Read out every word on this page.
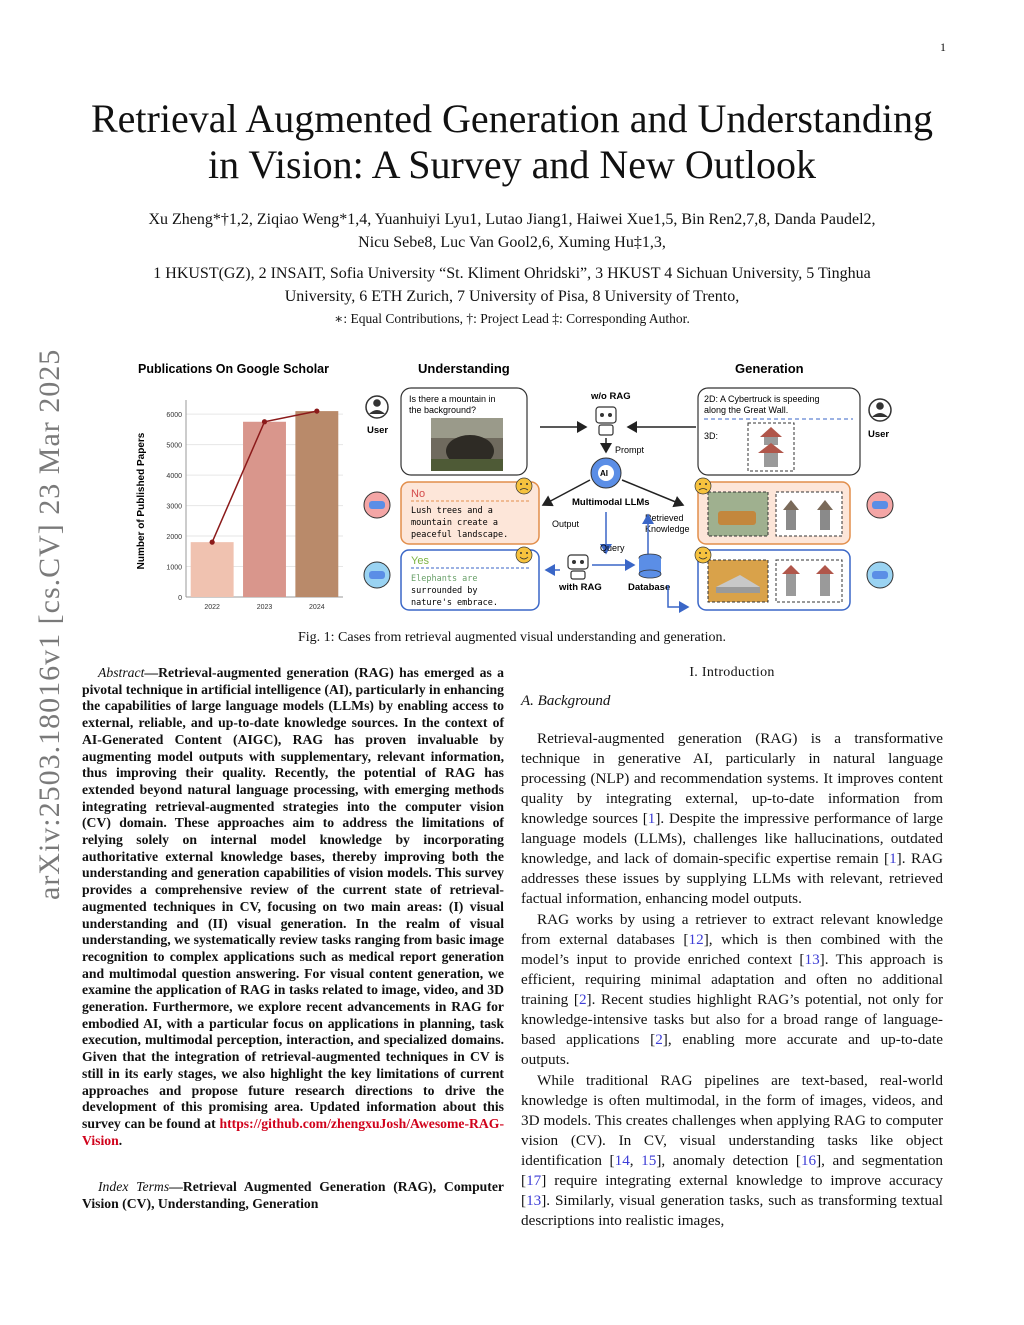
1
arXiv:2503.18016v1 [cs.CV] 23 Mar 2025
Retrieval Augmented Generation and Understanding
in Vision: A Survey and New Outlook
Xu Zheng*†1,2, Ziqiao Weng*1,4, Yuanhuiyi Lyu1, Lutao Jiang1, Haiwei Xue1,5, Bin Ren2,7,8, Danda Paudel2,
Nicu Sebe8, Luc Van Gool2,6, Xuming Hu‡1,3,
1 HKUST(GZ), 2 INSAIT, Sofia University “St. Kliment Ohridski”, 3 HKUST 4 Sichuan University, 5 Tinghua
University, 6 ETH Zurich, 7 University of Pisa, 8 University of Trento,
∗: Equal Contributions, †: Project Lead ‡: Corresponding Author.
Publications On Google Scholar
0
1000
2000
3000
4000
5000
6000
Number of Published Papers
2022	2023	2024
Understanding	Generation
User
Is there a mountain in
the background?
No
Lush trees and a
mountain create a
peaceful landscape.
Yes
Elephants are
surrounded by
nature's embrace.
w/o RAG
Prompt
AI
Multimodal LLMs
Output
Retrieved
Knowledge
Query
with RAG	Database
2D: A Cybertruck is speeding
along the Great Wall.
3D:	User
Fig. 1: Cases from retrieval augmented visual understanding and generation.

Abstract—Retrieval-augmented generation (RAG) has emerged as a pivotal technique in artificial intelligence (AI), particularly in enhancing the capabilities of large language models (LLMs) by enabling access to external, reliable, and up-to-date knowledge sources. In the context of AI-Generated Content (AIGC), RAG has proven invaluable by augmenting model outputs with supplementary, relevant information, thus improving their quality. Recently, the potential of RAG has extended beyond natural language processing, with emerging methods integrating retrieval-augmented strategies into the computer vision (CV) domain. These approaches aim to address the limitations of relying solely on internal model knowledge by incorporating authoritative external knowledge bases, thereby improving both the understanding and generation capabilities of vision models. This survey provides a comprehensive review of the current state of retrieval-augmented techniques in CV, focusing on two main areas: (I) visual understanding and (II) visual generation. In the realm of visual understanding, we systematically review tasks ranging from basic image recognition to complex applications such as medical report generation and multimodal question answering. For visual content generation, we examine the application of RAG in tasks related to image, video, and 3D generation. Furthermore, we explore recent advancements in RAG for embodied AI, with a particular focus on applications in planning, task execution, multimodal perception, interaction, and specialized domains. Given that the integration of retrieval-augmented techniques in CV is still in its early stages, we also highlight the key limitations of current approaches and propose future research directions to drive the development of this promising area. Updated information about this survey can be found at https://github.com/zhengxuJosh/Awesome-RAG-Vision.

Index Terms—Retrieval Augmented Generation (RAG), Computer Vision (CV), Understanding, Generation

I. Introduction
A. Background

Retrieval-augmented generation (RAG) is a transformative technique in generative AI, particularly in natural language processing (NLP) and recommendation systems. It improves content quality by integrating external, up-to-date information from knowledge sources [1]. Despite the impressive performance of large language models (LLMs), challenges like hallucinations, outdated knowledge, and lack of domain-specific expertise remain [1]. RAG addresses these issues by supplying LLMs with relevant, retrieved factual information, enhancing model outputs.

RAG works by using a retriever to extract relevant knowledge from external databases [12], which is then combined with the model’s input to provide enriched context [13]. This approach is efficient, requiring minimal adaptation and often no additional training [2]. Recent studies highlight RAG’s potential, not only for knowledge-intensive tasks but also for a broad range of language-based applications [2], enabling more accurate and up-to-date outputs.

While traditional RAG pipelines are text-based, real-world knowledge is often multimodal, in the form of images, videos, and 3D models. This creates challenges when applying RAG to computer vision (CV). In CV, visual understanding tasks like object identification [14, 15], anomaly detection [16], and segmentation [17] require integrating external knowledge to improve accuracy [13]. Similarly, visual generation tasks, such as transforming textual descriptions into realistic images,
